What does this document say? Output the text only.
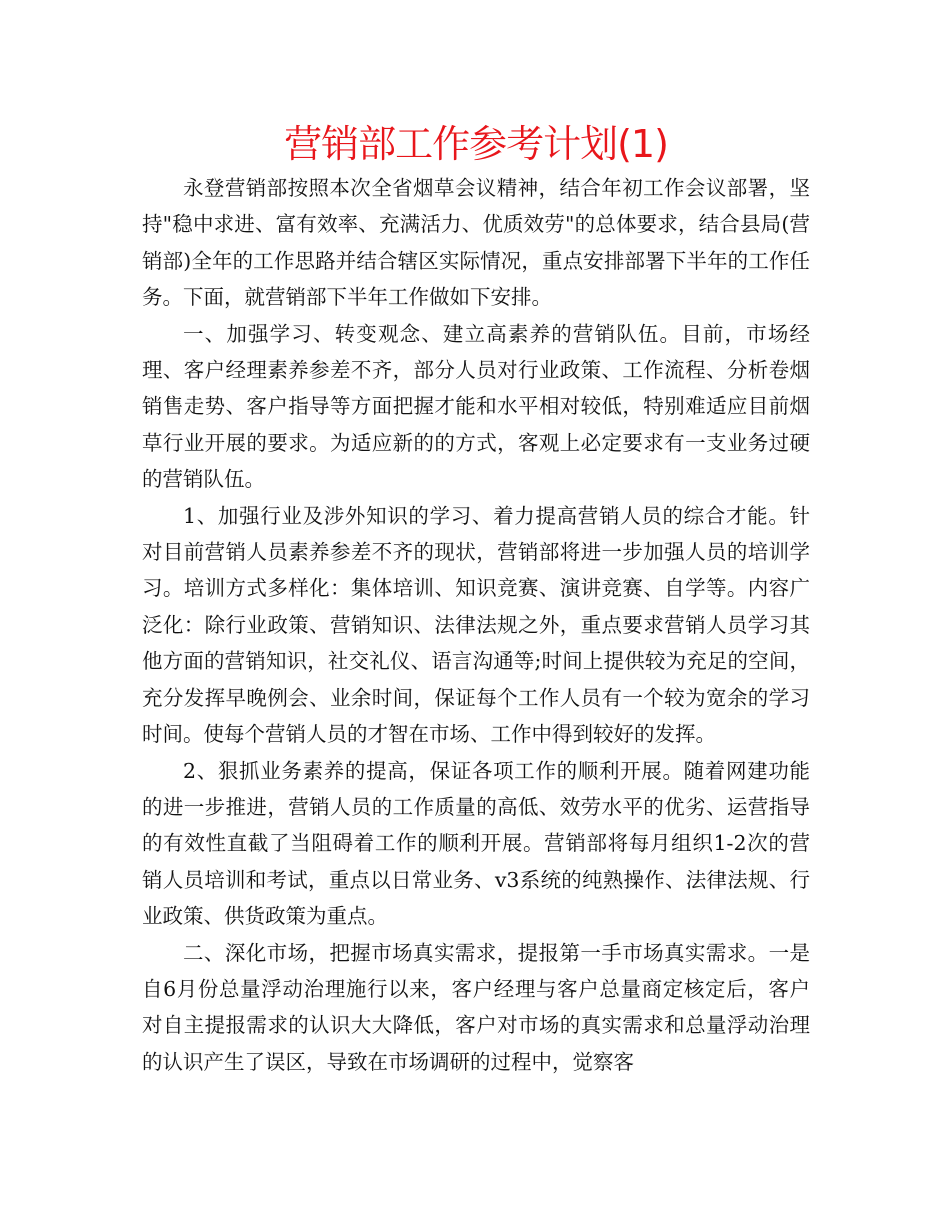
营销部工作参考计划(1)

永登营销部按照本次全省烟草会议精神，结合年初工作会议部署，坚持"稳中求进、富有效率、充满活力、优质效劳"的总体要求，结合县局(营销部)全年的工作思路并结合辖区实际情况，重点安排部署下半年的工作任务。下面，就营销部下半年工作做如下安排。

一、加强学习、转变观念、建立高素养的营销队伍。目前，市场经理、客户经理素养参差不齐，部分人员对行业政策、工作流程、分析卷烟销售走势、客户指导等方面把握才能和水平相对较低，特别难适应目前烟草行业开展的要求。为适应新的的方式，客观上必定要求有一支业务过硬的营销队伍。

1、加强行业及涉外知识的学习、着力提高营销人员的综合才能。针对目前营销人员素养参差不齐的现状，营销部将进一步加强人员的培训学习。培训方式多样化：集体培训、知识竞赛、演讲竞赛、自学等。内容广泛化：除行业政策、营销知识、法律法规之外，重点要求营销人员学习其他方面的营销知识，社交礼仪、语言沟通等;时间上提供较为充足的空间，充分发挥早晚例会、业余时间，保证每个工作人员有一个较为宽余的学习时间。使每个营销人员的才智在市场、工作中得到较好的发挥。

2、狠抓业务素养的提高，保证各项工作的顺利开展。随着网建功能的进一步推进，营销人员的工作质量的高低、效劳水平的优劣、运营指导的有效性直截了当阻碍着工作的顺利开展。营销部将每月组织1-2次的营销人员培训和考试，重点以日常业务、v3系统的纯熟操作、法律法规、行业政策、供货政策为重点。

二、深化市场，把握市场真实需求，提报第一手市场真实需求。一是自6月份总量浮动治理施行以来，客户经理与客户总量商定核定后，客户对自主提报需求的认识大大降低，客户对市场的真实需求和总量浮动治理的认识产生了误区，导致在市场调研的过程中，觉察客
